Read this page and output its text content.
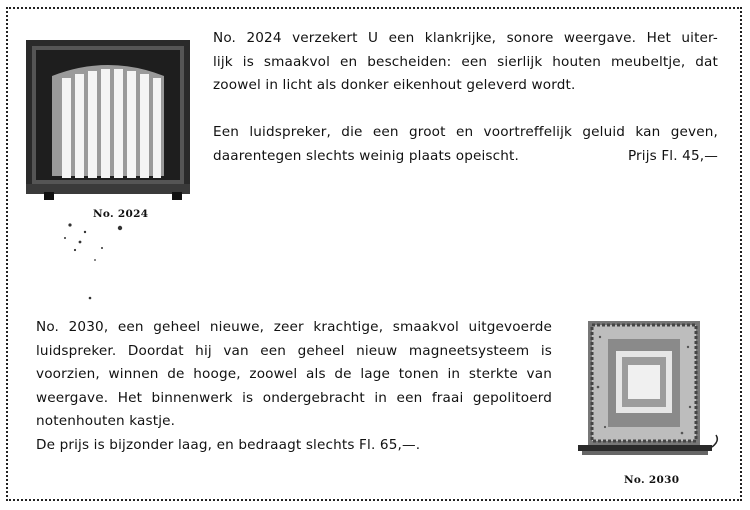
No. 2024

No. 2024 verzekert U een klankrijke, sonore weergave. Het uiter-

lijk is smaakvol en bescheiden: een sierlijk houten meubeltje, dat

zoowel in licht als donker eikenhout geleverd wordt.

Een luidspreker, die een groot en voortreffelijk geluid kan geven,

daarentegen slechts weinig plaats opeischt.	Prijs Fl. 45,—

No. 2030, een geheel nieuwe, zeer krachtige, smaakvol uitgevoerde

luidspreker. Doordat hij van een geheel nieuw magneetsysteem is

voorzien, winnen de hooge, zoowel als de lage tonen in sterkte van

weergave. Het binnenwerk is ondergebracht in een fraai gepolitoerd

notenhouten kastje.

De prijs is bijzonder laag, en bedraagt slechts Fl. 65,—.

No. 2030
